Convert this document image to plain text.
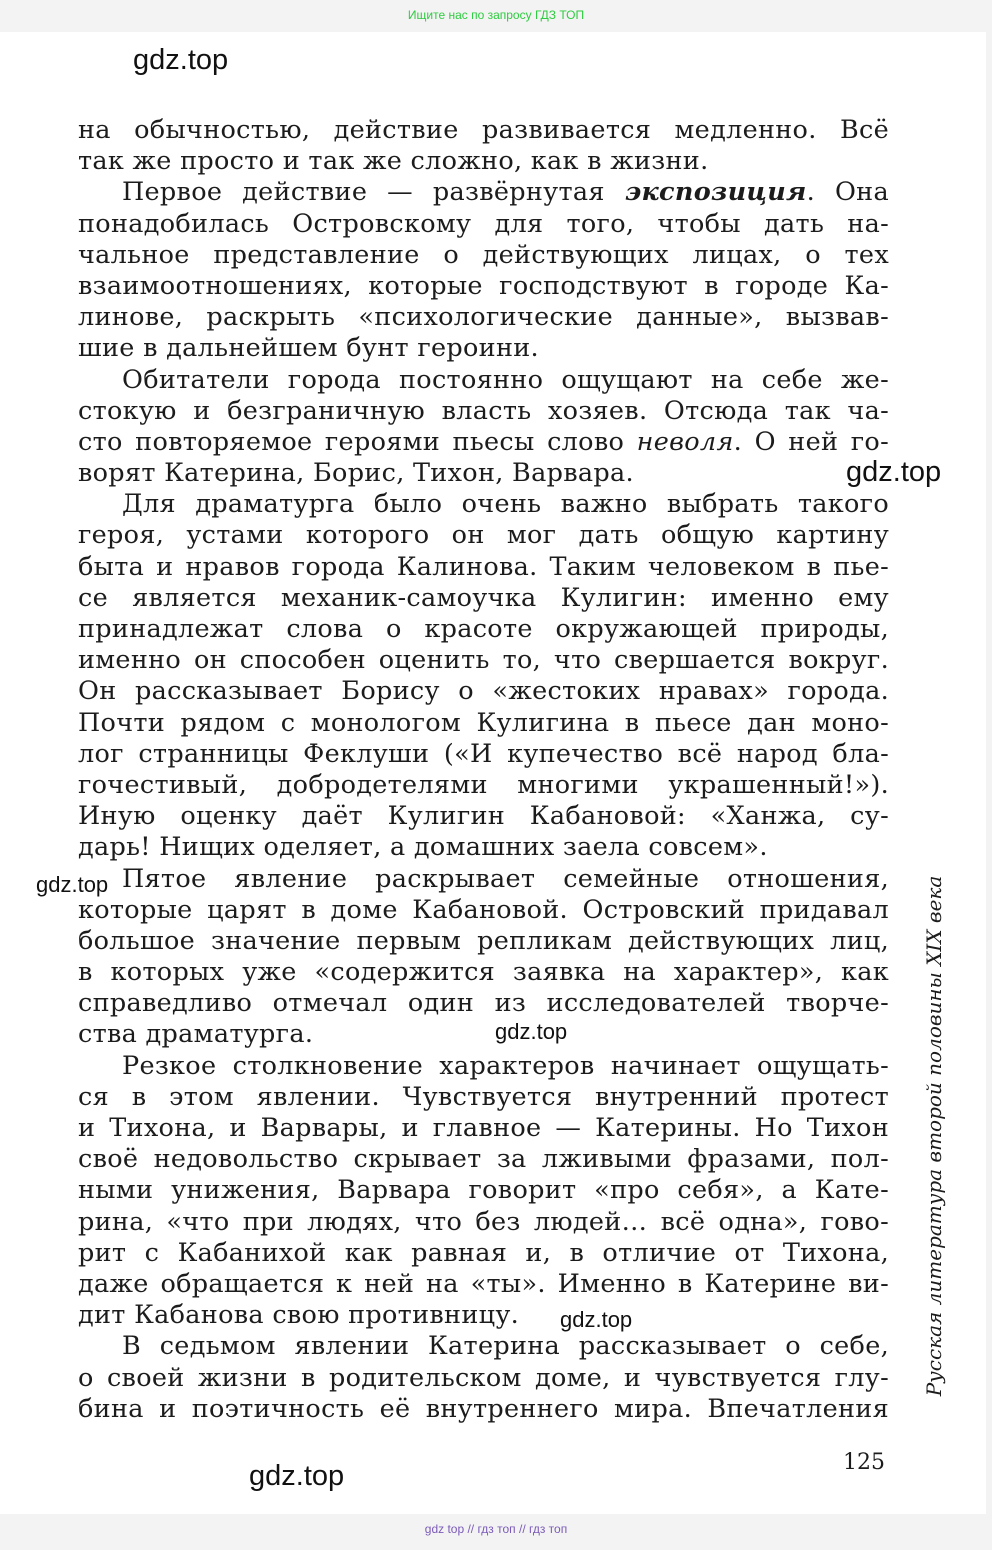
Ищите нас по запросу ГДЗ ТОП
на обычностью, действие развивается медленно. Всё
так же просто и так же сложно, как в жизни.
Первое действие — развёрнутая экспозиция. Она
понадобилась Островскому для того, чтобы дать на-
чальное представление о действующих лицах, о тех
взаимоотношениях, которые господствуют в городе Ка-
линове, раскрыть «психологические данные», вызвав-
шие в дальнейшем бунт героини.
Обитатели города постоянно ощущают на себе же-
стокую и безграничную власть хозяев. Отсюда так ча-
сто повторяемое героями пьесы слово неволя. О ней го-
ворят Катерина, Борис, Тихон, Варвара.
Для драматурга было очень важно выбрать такого
героя, устами которого он мог дать общую картину
быта и нравов города Калинова. Таким человеком в пье-
се является механик-самоучка Кулигин: именно ему
принадлежат слова о красоте окружающей природы,
именно он способен оценить то, что свершается вокруг.
Он рассказывает Борису о «жестоких нравах» города.
Почти рядом с монологом Кулигина в пьесе дан моно-
лог странницы Феклуши («И купечество всё народ бла-
гочестивый, добродетелями многими украшенный!»).
Иную оценку даёт Кулигин Кабановой: «Ханжа, су-
дарь! Нищих оделяет, а домашних заела совсем».
Пятое явление раскрывает семейные отношения,
которые царят в доме Кабановой. Островский придавал
большое значение первым репликам действующих лиц,
в которых уже «содержится заявка на характер», как
справедливо отмечал один из исследователей творче-
ства драматурга.
Резкое столкновение характеров начинает ощущать-
ся в этом явлении. Чувствуется внутренний протест
и Тихона, и Варвары, и главное — Катерины. Но Тихон
своё недовольство скрывает за лживыми фразами, пол-
ными унижения, Варвара говорит «про себя», а Кате-
рина, «что при людях, что без людей… всё одна», гово-
рит с Кабанихой как равная и, в отличие от Тихона,
даже обращается к ней на «ты». Именно в Катерине ви-
дит Кабанова свою противницу.
В седьмом явлении Катерина рассказывает о себе,
о своей жизни в родительском доме, и чувствуется глу-
бина и поэтичность её внутреннего мира. Впечатления
gdz.top
gdz.top
gdz.top
gdz.top
gdz.top
gdz.top
Русская литература второй половины XIX века
125
gdz top // гдз топ // гдз топ
